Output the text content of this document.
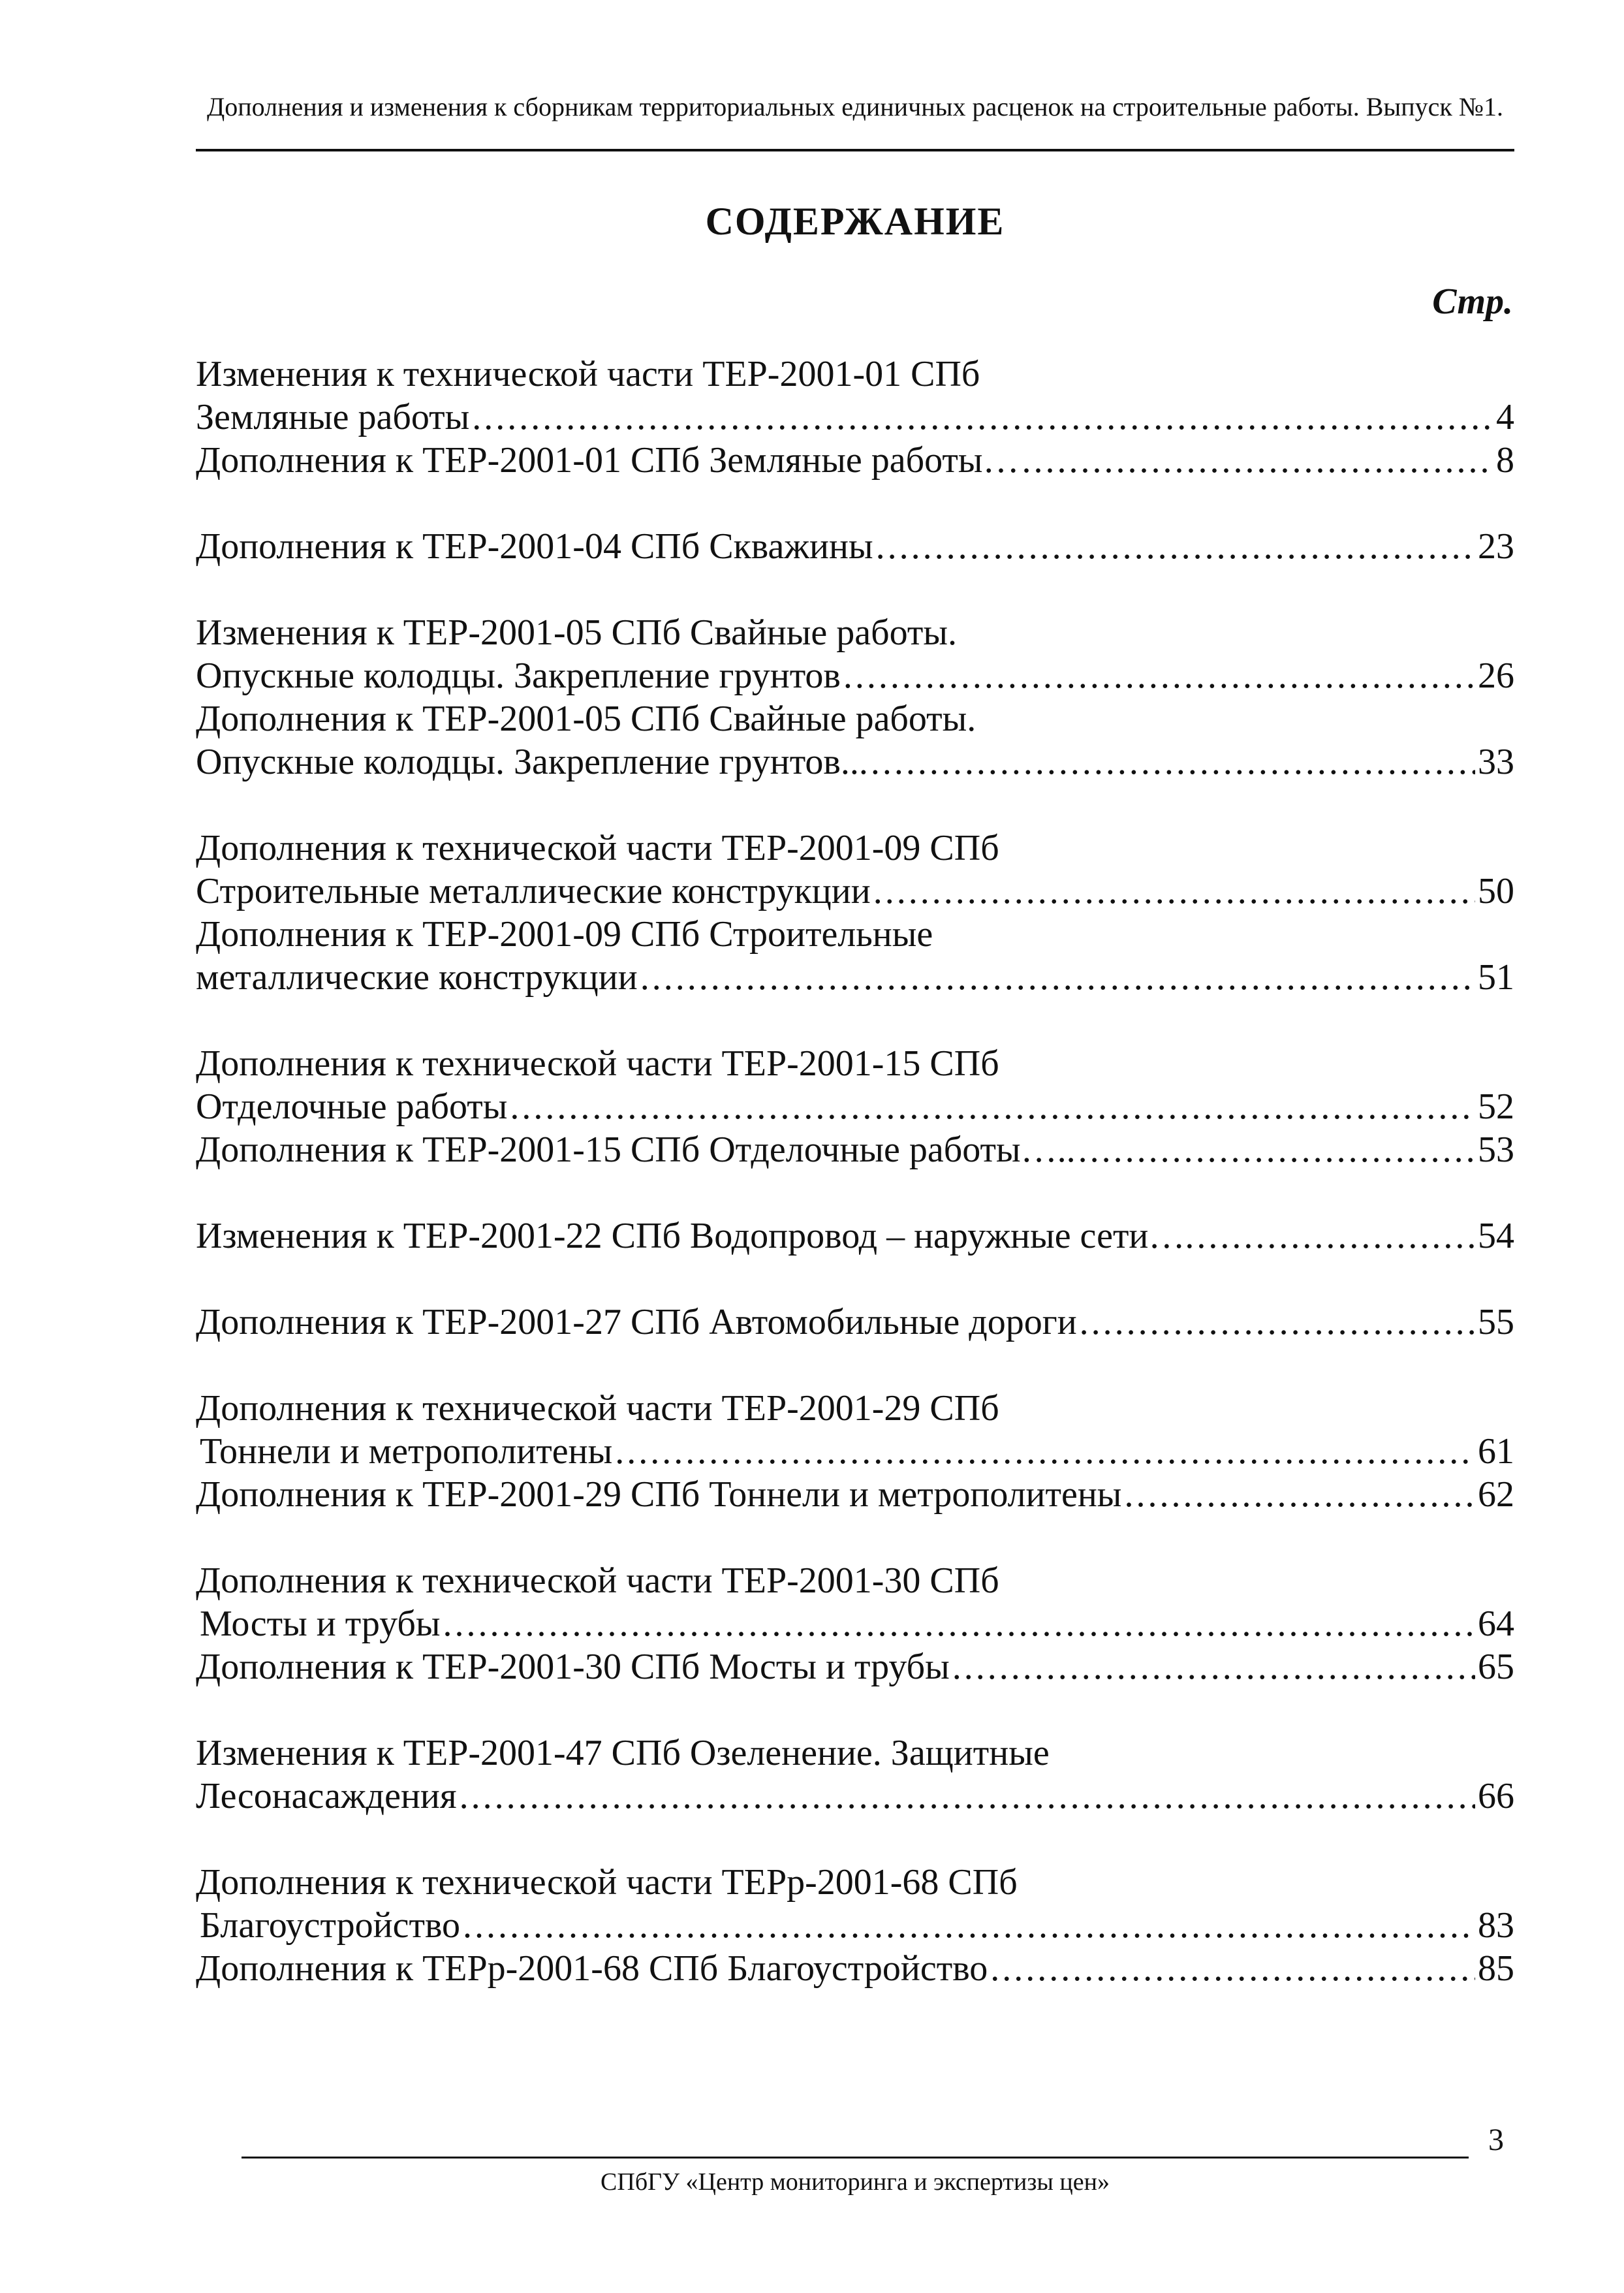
Дополнения и изменения к сборникам территориальных единичных расценок на строительные работы. Выпуск №1.
СОДЕРЖАНИЕ
Стр.
Изменения к технической части ТЕР-2001-01 СПб
Земляные работы .....	4
Дополнения к ТЕР-2001-01 СПб Земляные работы… .....	8
Дополнения к ТЕР-2001-04 СПб Скважины .....	23
Изменения к ТЕР-2001-05 СПб Свайные работы.
Опускные колодцы. Закрепление грунтов .....	26
Дополнения к ТЕР-2001-05 СПб Свайные работы.
Опускные колодцы. Закрепление грунтов... .....	33
Дополнения к технической части ТЕР-2001-09 СПб
Строительные металлические конструкции .....	50
Дополнения к ТЕР-2001-09 СПб Строительные
металлические конструкции .....	51
Дополнения к технической части ТЕР-2001-15 СПб
Отделочные работы .....	52
Дополнения к ТЕР-2001-15 СПб Отделочные работы….. .....	53
Изменения к ТЕР-2001-22 СПб Водопровод – наружные сети…. .....	54
Дополнения к ТЕР-2001-27 СПб Автомобильные дороги .....	55
Дополнения к технической части ТЕР-2001-29 СПб
Тоннели и метрополитены .....	61
Дополнения к ТЕР-2001-29 СПб Тоннели и метрополитены .....	62
Дополнения к технической части ТЕР-2001-30 СПб
Мосты и трубы .....	64
Дополнения к ТЕР-2001-30 СПб Мосты и трубы .....	65
Изменения к ТЕР-2001-47 СПб Озеленение. Защитные
Лесонасаждения .....	66
Дополнения к технической части ТЕРр-2001-68 СПб
Благоустройство .....	83
Дополнения к ТЕРр-2001-68 СПб Благоустройство .....	85
3
СПбГУ «Центр мониторинга и экспертизы цен»
